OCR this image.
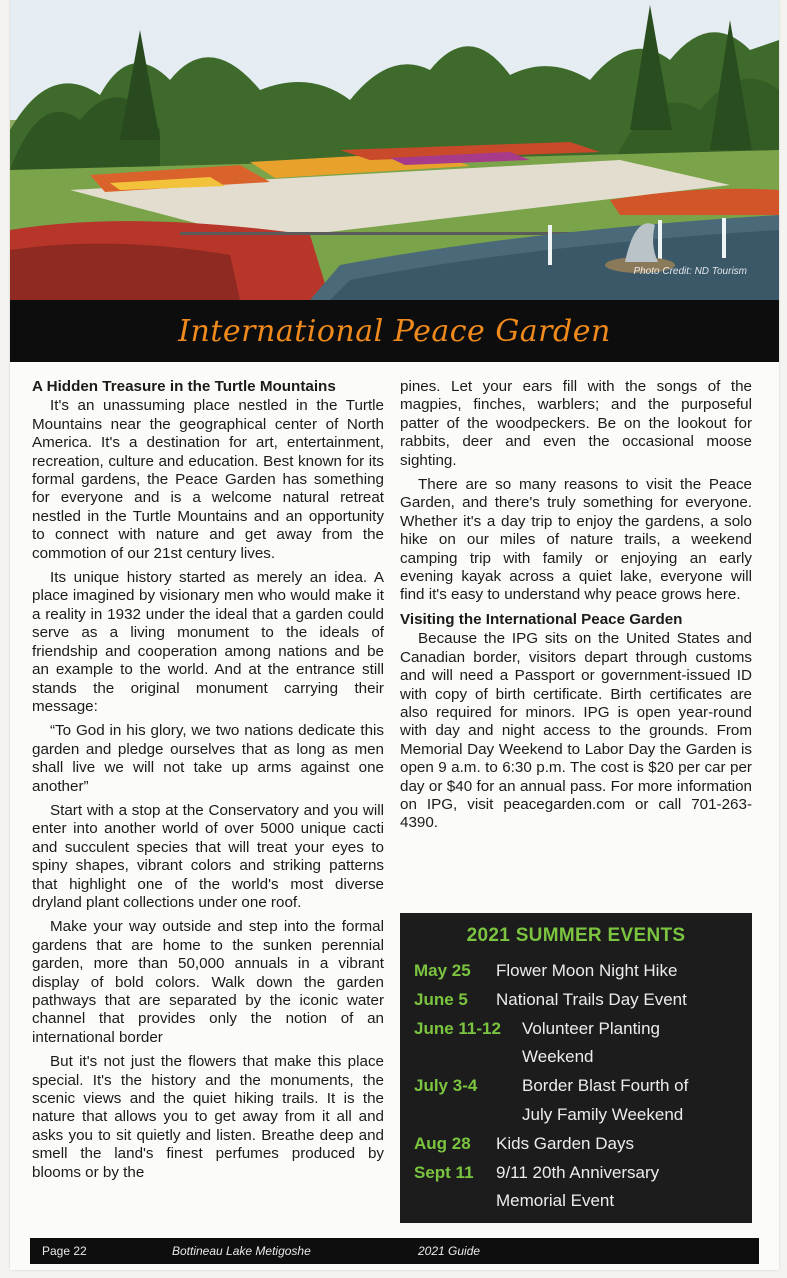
Photo Credit: ND Tourism
International Peace Garden
A Hidden Treasure in the Turtle Mountains

It's an unassuming place nestled in the Turtle Mountains near the geographical center of North America. It's a destination for art, entertainment, recreation, culture and education. Best known for its formal gardens, the Peace Garden has something for everyone and is a welcome natural retreat nestled in the Turtle Mountains and an opportunity to connect with nature and get away from the commotion of our 21st century lives.

Its unique history started as merely an idea. A place imagined by visionary men who would make it a reality in 1932 under the ideal that a garden could serve as a living monument to the ideals of friendship and cooperation among nations and be an example to the world. And at the entrance still stands the original monument carrying their message:

“To God in his glory, we two nations dedicate this garden and pledge ourselves that as long as men shall live we will not take up arms against one another”

Start with a stop at the Conservatory and you will enter into another world of over 5000 unique cacti and succulent species that will treat your eyes to spiny shapes, vibrant colors and striking patterns that highlight one of the world's most diverse dryland plant collections under one roof.

Make your way outside and step into the formal gardens that are home to the sunken perennial garden, more than 50,000 annuals in a vibrant display of bold colors. Walk down the garden pathways that are separated by the iconic water channel that provides only the notion of an international border

But it's not just the flowers that make this place special. It's the history and the monuments, the scenic views and the quiet hiking trails. It is the nature that allows you to get away from it all and asks you to sit quietly and listen. Breathe deep and smell the land's finest perfumes produced by blooms or by the

pines. Let your ears fill with the songs of the magpies, finches, warblers; and the purposeful patter of the woodpeckers. Be on the lookout for rabbits, deer and even the occasional moose sighting.

There are so many reasons to visit the Peace Garden, and there's truly something for everyone. Whether it's a day trip to enjoy the gardens, a solo hike on our miles of nature trails, a weekend camping trip with family or enjoying an early evening kayak across a quiet lake, everyone will find it's easy to understand why peace grows here.

Visiting the International Peace Garden

Because the IPG sits on the United States and Canadian border, visitors depart through customs and will need a Passport or government-issued ID with copy of birth certificate. Birth certificates are also required for minors. IPG is open year-round with day and night access to the grounds. From Memorial Day Weekend to Labor Day the Garden is open 9 a.m. to 6:30 p.m. The cost is $20 per car per day or $40 for an annual pass. For more information on IPG, visit peacegarden.com or call 701-263-4390.

2021 SUMMER EVENTS
May 25	Flower Moon Night Hike
June 5	National Trails Day Event
June 11-12	Volunteer Planting
Weekend
July 3-4	Border Blast Fourth of
July Family Weekend
Aug 28	Kids Garden Days
Sept 11	9/11 20th Anniversary
Memorial Event
Page 22	Bottineau Lake Metigoshe	2021 Guide
